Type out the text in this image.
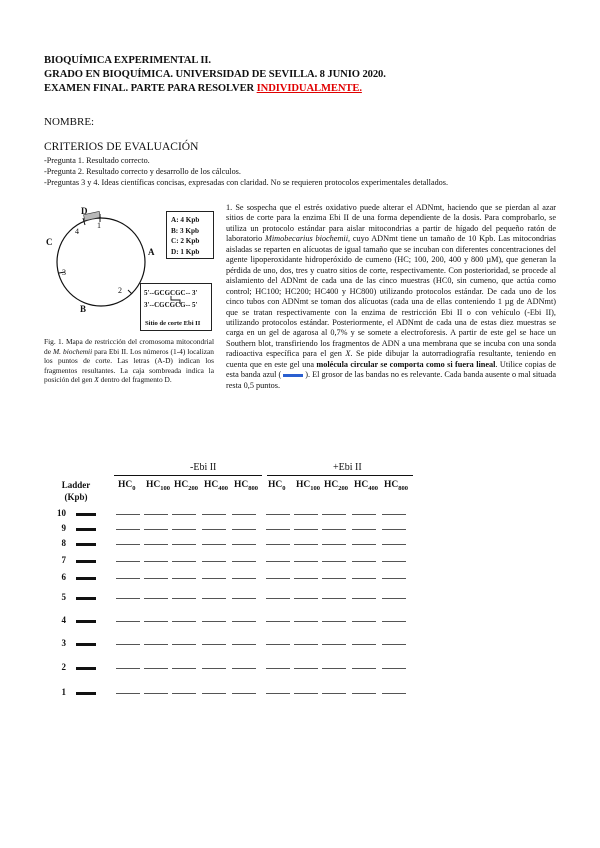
BIOQUÍMICA EXPERIMENTAL II.
GRADO EN BIOQUÍMICA. UNIVERSIDAD DE SEVILLA. 8 JUNIO 2020.
EXAMEN FINAL. PARTE PARA RESOLVER INDIVIDUALMENTE.
NOMBRE:
CRITERIOS DE EVALUACIÓN
-Pregunta 1. Resultado correcto.
-Pregunta 2. Resultado correcto y desarrollo de los cálculos.
-Preguntas 3 y 4. Ideas científicas concisas, expresadas con claridad. No se requieren protocolos experimentales detallados.
D
A
B
C
1
2
3
4
A: 4 Kpb
B: 3 Kpb
C: 2 Kpb
D: 1 Kpb
5'--GCGCGC-- 3'
3'--CGCGCG-- 5'
Sitio de corte Ebi II
Fig. 1. Mapa de restricción del cromosoma mitocondrial de M. biochemii para Ebi II. Los números (1-4) localizan los puntos de corte. Las letras (A-D) indican los fragmentos resultantes. La caja sombreada indica la posición del gen X dentro del fragmento D.
1. Se sospecha que el estrés oxidativo puede alterar el ADNmt, haciendo que se pierdan al azar sitios de corte para la enzima Ebi II de una forma dependiente de la dosis. Para comprobarlo, se utiliza un protocolo estándar para aislar mitocondrias a partir de hígado del pequeño ratón de laboratorio Mimobecarius biochemii, cuyo ADNmt tiene un tamaño de 10 Kpb. Las mitocondrias aisladas se reparten en alícuotas de igual tamaño que se incuban con diferentes concentraciones del agente lipoperoxidante hidroperóxido de cumeno (HC; 100, 200, 400 y 800 µM), que generan la pérdida de uno, dos, tres y cuatro sitios de corte, respectivamente. Con posterioridad, se procede al aislamiento del ADNmt de cada una de las cinco muestras (HC0, sin cumeno, que actúa como control; HC100; HC200; HC400 y HC800) utilizando protocolos estándar. De cada uno de los cinco tubos con ADNmt se toman dos alícuotas (cada una de ellas conteniendo 1 µg de ADNmt) que se tratan respectivamente con la enzima de restricción Ebi II o con vehículo (-Ebi II), utilizando protocolos estándar. Posteriormente, el ADNmt de cada una de estas diez muestras se carga en un gel de agarosa al 0,7% y se somete a electroforesis. A partir de este gel se hace un Southern blot, transfiriendo los fragmentos de ADN a una membrana que se incuba con una sonda radioactiva específica para el gen X. Se pide dibujar la autorradiografía resultante, teniendo en cuenta que en este gel una molécula circular se comporta como si fuera lineal. Utilice copias de esta banda azul (	). El grosor de las bandas no es relevante. Cada banda ausente o mal situada resta 0,5 puntos.
-Ebi II	+Ebi II
Ladder
(Kpb)
$HC_0$ $HC_{100}$ $HC_{200}$ $HC_{400}$ $HC_{800}$ $HC_0$ $HC_{100}$ $HC_{200}$ $HC_{400}$ $HC_{800}$
10
9
8
7
6
5
4
3
2
1
